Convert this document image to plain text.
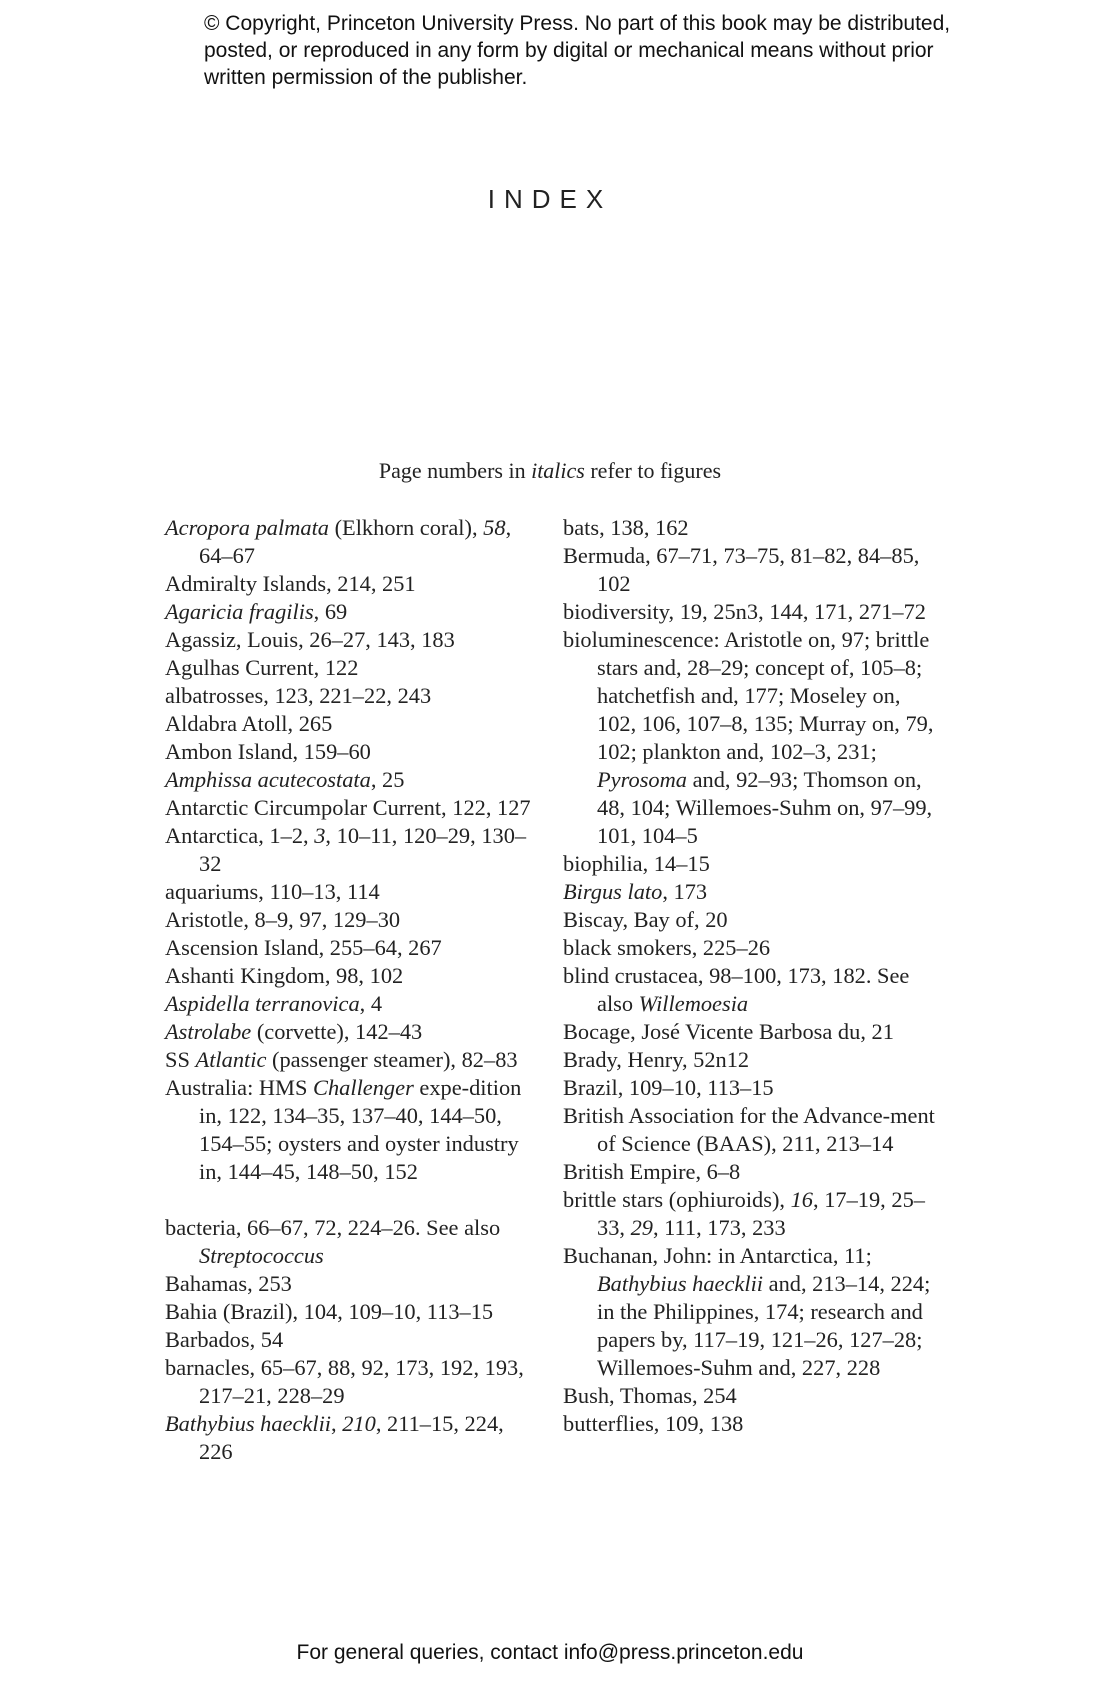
© Copyright, Princeton University Press. No part of this book may be distributed, posted, or reproduced in any form by digital or mechanical means without prior written permission of the publisher.
INDEX
Page numbers in italics refer to figures
Acropora palmata (Elkhorn coral), 58, 64–67
Admiralty Islands, 214, 251
Agaricia fragilis, 69
Agassiz, Louis, 26–27, 143, 183
Agulhas Current, 122
albatrosses, 123, 221–22, 243
Aldabra Atoll, 265
Ambon Island, 159–60
Amphissa acutecostata, 25
Antarctic Circumpolar Current, 122, 127
Antarctica, 1–2, 3, 10–11, 120–29, 130–32
aquariums, 110–13, 114
Aristotle, 8–9, 97, 129–30
Ascension Island, 255–64, 267
Ashanti Kingdom, 98, 102
Aspidella terranovica, 4
Astrolabe (corvette), 142–43
SS Atlantic (passenger steamer), 82–83
Australia: HMS Challenger expe-dition in, 122, 134–35, 137–40, 144–50, 154–55; oysters and oyster industry in, 144–45, 148–50, 152
bacteria, 66–67, 72, 224–26. See also Streptococcus
Bahamas, 253
Bahia (Brazil), 104, 109–10, 113–15
Barbados, 54
barnacles, 65–67, 88, 92, 173, 192, 193, 217–21, 228–29
Bathybius haecklii, 210, 211–15, 224, 226
bats, 138, 162
Bermuda, 67–71, 73–75, 81–82, 84–85, 102
biodiversity, 19, 25n3, 144, 171, 271–72
bioluminescence: Aristotle on, 97; brittle stars and, 28–29; concept of, 105–8; hatchetfish and, 177; Moseley on, 102, 106, 107–8, 135; Murray on, 79, 102; plankton and, 102–3, 231; Pyrosoma and, 92–93; Thomson on, 48, 104; Willemoes-Suhm on, 97–99, 101, 104–5
biophilia, 14–15
Birgus lato, 173
Biscay, Bay of, 20
black smokers, 225–26
blind crustacea, 98–100, 173, 182. See also Willemoesia
Bocage, José Vicente Barbosa du, 21
Brady, Henry, 52n12
Brazil, 109–10, 113–15
British Association for the Advance-ment of Science (BAAS), 211, 213–14
British Empire, 6–8
brittle stars (ophiuroids), 16, 17–19, 25–33, 29, 111, 173, 233
Buchanan, John: in Antarctica, 11; Bathybius haecklii and, 213–14, 224; in the Philippines, 174; research and papers by, 117–19, 121–26, 127–28; Willemoes-Suhm and, 227, 228
Bush, Thomas, 254
butterflies, 109, 138
For general queries, contact info@press.princeton.edu
